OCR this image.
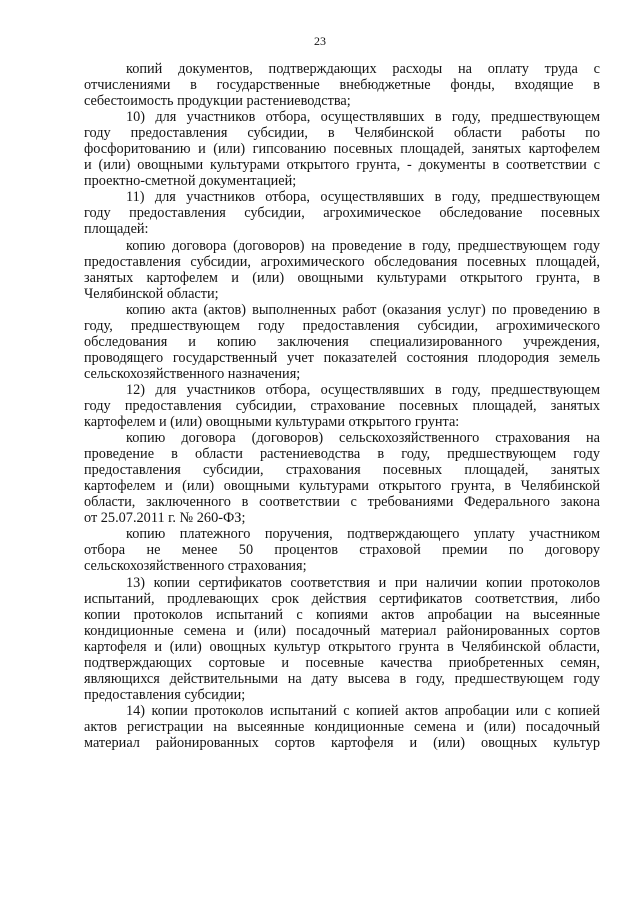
23
копий документов, подтверждающих расходы на оплату труда с
отчислениями в государственные внебюджетные фонды, входящие в
себестоимость продукции растениеводства;
10) для участников отбора, осуществлявших в году, предшествующем
году предоставления субсидии, в Челябинской области работы по
фосфоритованию и (или) гипсованию посевных площадей, занятых картофелем
и (или) овощными культурами открытого грунта, - документы в соответствии с
проектно-сметной документацией;
11) для участников отбора, осуществлявших в году, предшествующем
году предоставления субсидии, агрохимическое обследование посевных
площадей:
копию договора (договоров) на проведение в году, предшествующем году
предоставления субсидии, агрохимического обследования посевных площадей,
занятых картофелем и (или) овощными культурами открытого грунта, в
Челябинской области;
копию акта (актов) выполненных работ (оказания услуг) по проведению в
году, предшествующем году предоставления субсидии, агрохимического
обследования и копию заключения специализированного учреждения,
проводящего государственный учет показателей состояния плодородия земель
сельскохозяйственного назначения;
12) для участников отбора, осуществлявших в году, предшествующем
году предоставления субсидии, страхование посевных площадей, занятых
картофелем и (или) овощными культурами открытого грунта:
копию договора (договоров) сельскохозяйственного страхования на
проведение в области растениеводства в году, предшествующем году
предоставления субсидии, страхования посевных площадей, занятых
картофелем и (или) овощными культурами открытого грунта, в Челябинской
области, заключенного в соответствии с требованиями Федерального закона
от 25.07.2011 г. № 260-ФЗ;
копию платежного поручения, подтверждающего уплату участником
отбора не менее 50 процентов страховой премии по договору
сельскохозяйственного страхования;
13) копии сертификатов соответствия и при наличии копии протоколов
испытаний, продлевающих срок действия сертификатов соответствия, либо
копии протоколов испытаний с копиями актов апробации на высеянные
кондиционные семена и (или) посадочный материал районированных сортов
картофеля и (или) овощных культур открытого грунта в Челябинской области,
подтверждающих сортовые и посевные качества приобретенных семян,
являющихся действительными на дату высева в году, предшествующем году
предоставления субсидии;
14) копии протоколов испытаний с копией актов апробации или с копией
актов регистрации на высеянные кондиционные семена и (или) посадочный
материал районированных сортов картофеля и (или) овощных культур
